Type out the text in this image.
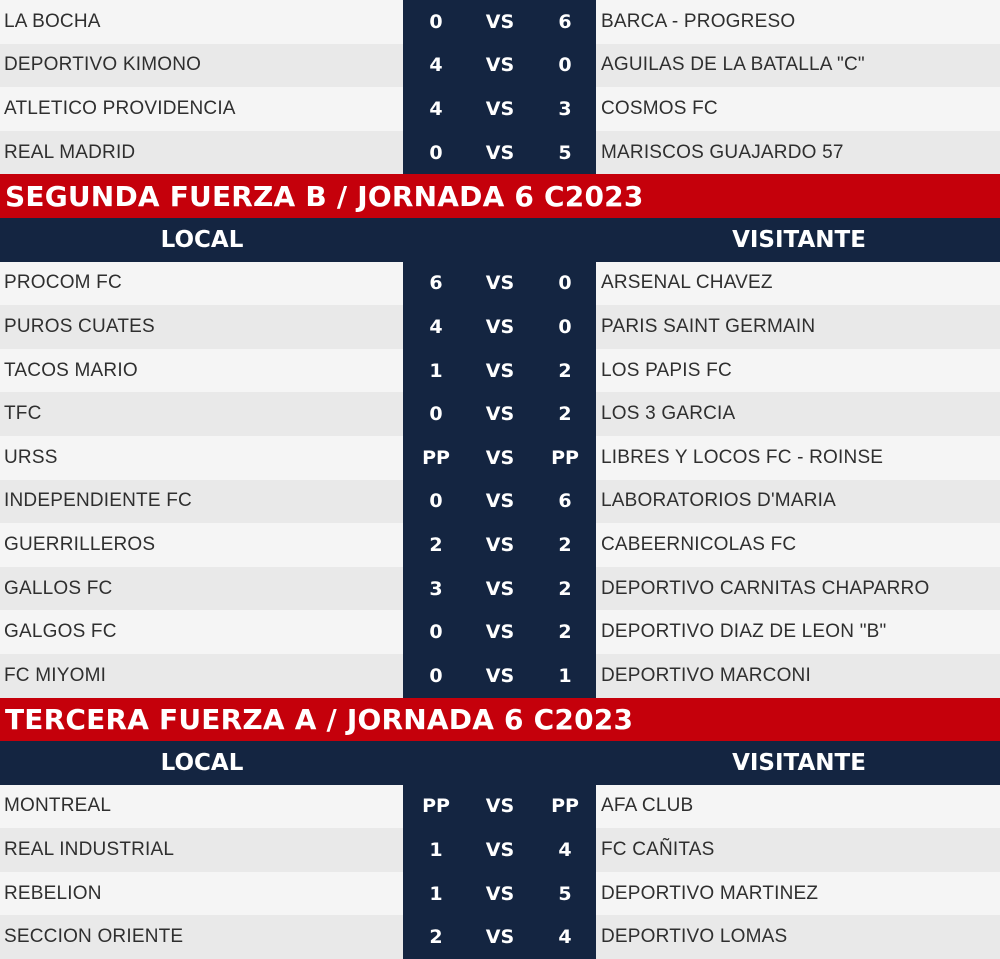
LA BOCHA	0 VS 6 BARCA - PROGRESO
DEPORTIVO KIMONO	4 VS 0 AGUILAS DE LA BATALLA "C"
ATLETICO PROVIDENCIA	4 VS 3 COSMOS FC
REAL MADRID	0 VS 5 MARISCOS GUAJARDO 57
SEGUNDA FUERZA B / JORNADA 6 C2023
LOCAL	VISITANTE
PROCOM FC	6 VS 0 ARSENAL CHAVEZ
PUROS CUATES	4 VS 0 PARIS SAINT GERMAIN
TACOS MARIO	1 VS 2 LOS PAPIS FC
TFC	0 VS 2 LOS 3 GARCIA
URSS	PP VS PP LIBRES Y LOCOS FC - ROINSE
INDEPENDIENTE FC	0 VS 6 LABORATORIOS D'MARIA
GUERRILLEROS	2 VS 2 CABEERNICOLAS FC
GALLOS FC	3 VS 2 DEPORTIVO CARNITAS CHAPARRO
GALGOS FC	0 VS 2 DEPORTIVO DIAZ DE LEON "B"
FC MIYOMI	0 VS 1 DEPORTIVO MARCONI
TERCERA FUERZA A / JORNADA 6 C2023
LOCAL	VISITANTE
MONTREAL	PP VS PP AFA CLUB
REAL INDUSTRIAL	1 VS 4 FC CAÑITAS
REBELION	1 VS 5 DEPORTIVO MARTINEZ
SECCION ORIENTE	2 VS 4 DEPORTIVO LOMAS
